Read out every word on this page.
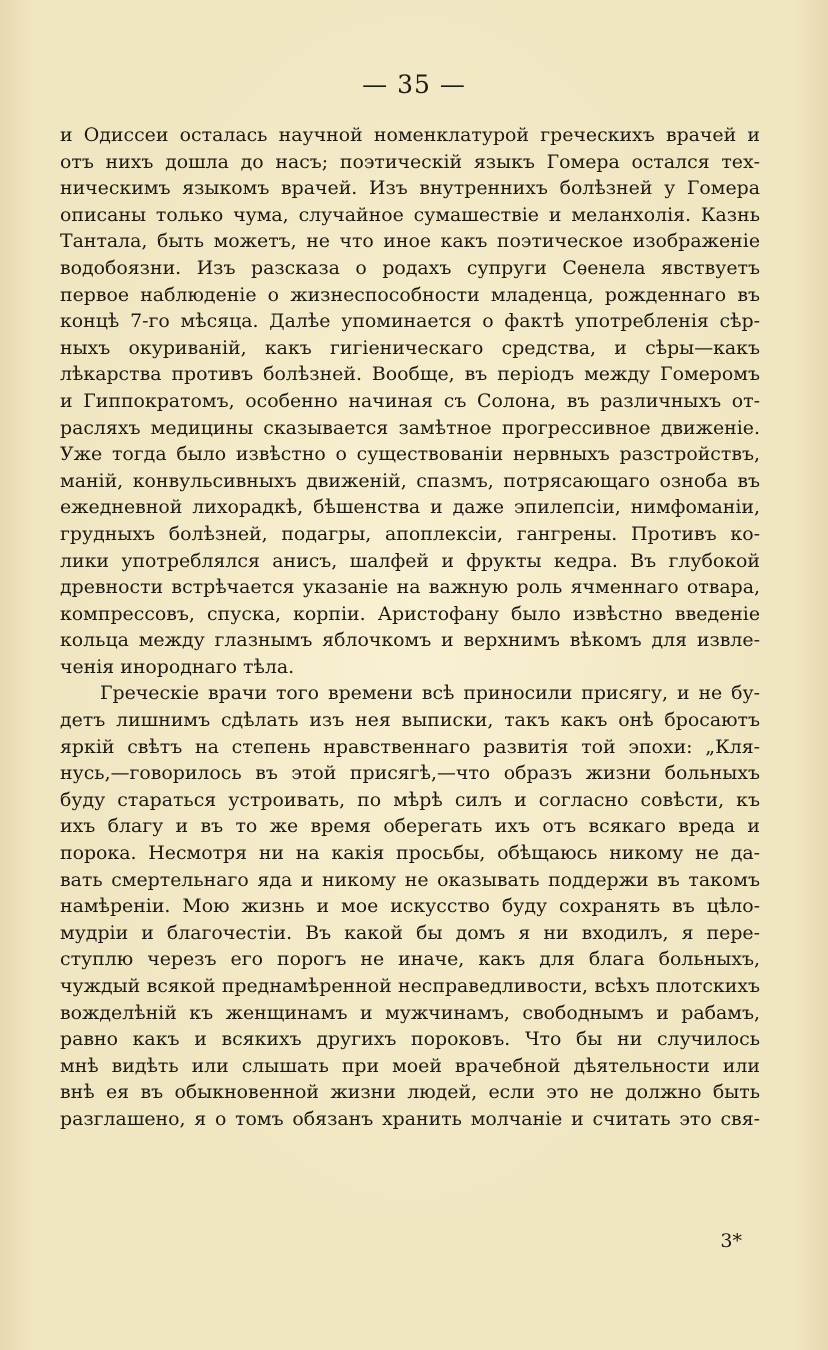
— 35 —
и Одиссеи осталась научной номенклатурой греческихъ врачей и
отъ нихъ дошла до насъ; поэтическій языкъ Гомера остался тех-
ническимъ языкомъ врачей. Изъ внутреннихъ болѣзней у Гомера
описаны только чума, случайное сумашествіе и меланхолія. Казнь
Тантала, быть можетъ, не что иное какъ поэтическое изображеніе
водобоязни. Изъ разсказа о родахъ супруги Сѳенела явствуетъ
первое наблюденіе о жизнеспособности младенца, рожденнаго въ
концѣ 7-го мѣсяца. Далѣе упоминается о фактѣ употребленія сѣр-
ныхъ окуриваній, какъ гигіеническаго средства, и сѣры—какъ
лѣкарства противъ болѣзней. Вообще, въ періодъ между Гомеромъ
и Гиппократомъ, особенно начиная съ Солона, въ различныхъ от-
расляхъ медицины сказывается замѣтное прогрессивное движеніе.
Уже тогда было извѣстно о существованіи нервныхъ разстройствъ,
маній, конвульсивныхъ движеній, спазмъ, потрясающаго озноба въ
ежедневной лихорадкѣ, бѣшенства и даже эпилепсіи, нимфоманіи,
грудныхъ болѣзней, подагры, апоплексіи, гангрены. Противъ ко-
лики употреблялся анисъ, шалфей и фрукты кедра. Въ глубокой
древности встрѣчается указаніе на важную роль ячменнаго отвара,
компрессовъ, спуска, корпіи. Аристофану было извѣстно введеніе
кольца между глазнымъ яблочкомъ и верхнимъ вѣкомъ для извле-
ченія инороднаго тѣла.
Греческіе врачи того времени всѣ приносили присягу, и не бу-
детъ лишнимъ сдѣлать изъ нея выписки, такъ какъ онѣ бросаютъ
яркій свѣтъ на степень нравственнаго развитія той эпохи: „Кля-
нусь,—говорилось въ этой присягѣ,—что образъ жизни больныхъ
буду стараться устроивать, по мѣрѣ силъ и согласно совѣсти, къ
ихъ благу и въ то же время оберегать ихъ отъ всякаго вреда и
порока. Несмотря ни на какія просьбы, обѣщаюсь никому не да-
вать смертельнаго яда и никому не оказывать поддержи въ такомъ
намѣреніи. Мою жизнь и мое искусство буду сохранять въ цѣло-
мудріи и благочестіи. Въ какой бы домъ я ни входилъ, я пере-
ступлю черезъ его порогъ не иначе, какъ для блага больныхъ,
чуждый всякой преднамѣренной несправедливости, всѣхъ плотскихъ
вожделѣній къ женщинамъ и мужчинамъ, свободнымъ и рабамъ,
равно какъ и всякихъ другихъ пороковъ. Что бы ни случилось
мнѣ видѣть или слышать при моей врачебной дѣятельности или
внѣ ея въ обыкновенной жизни людей, если это не должно быть
разглашено, я о томъ обязанъ хранить молчаніе и считать это свя-
3*
